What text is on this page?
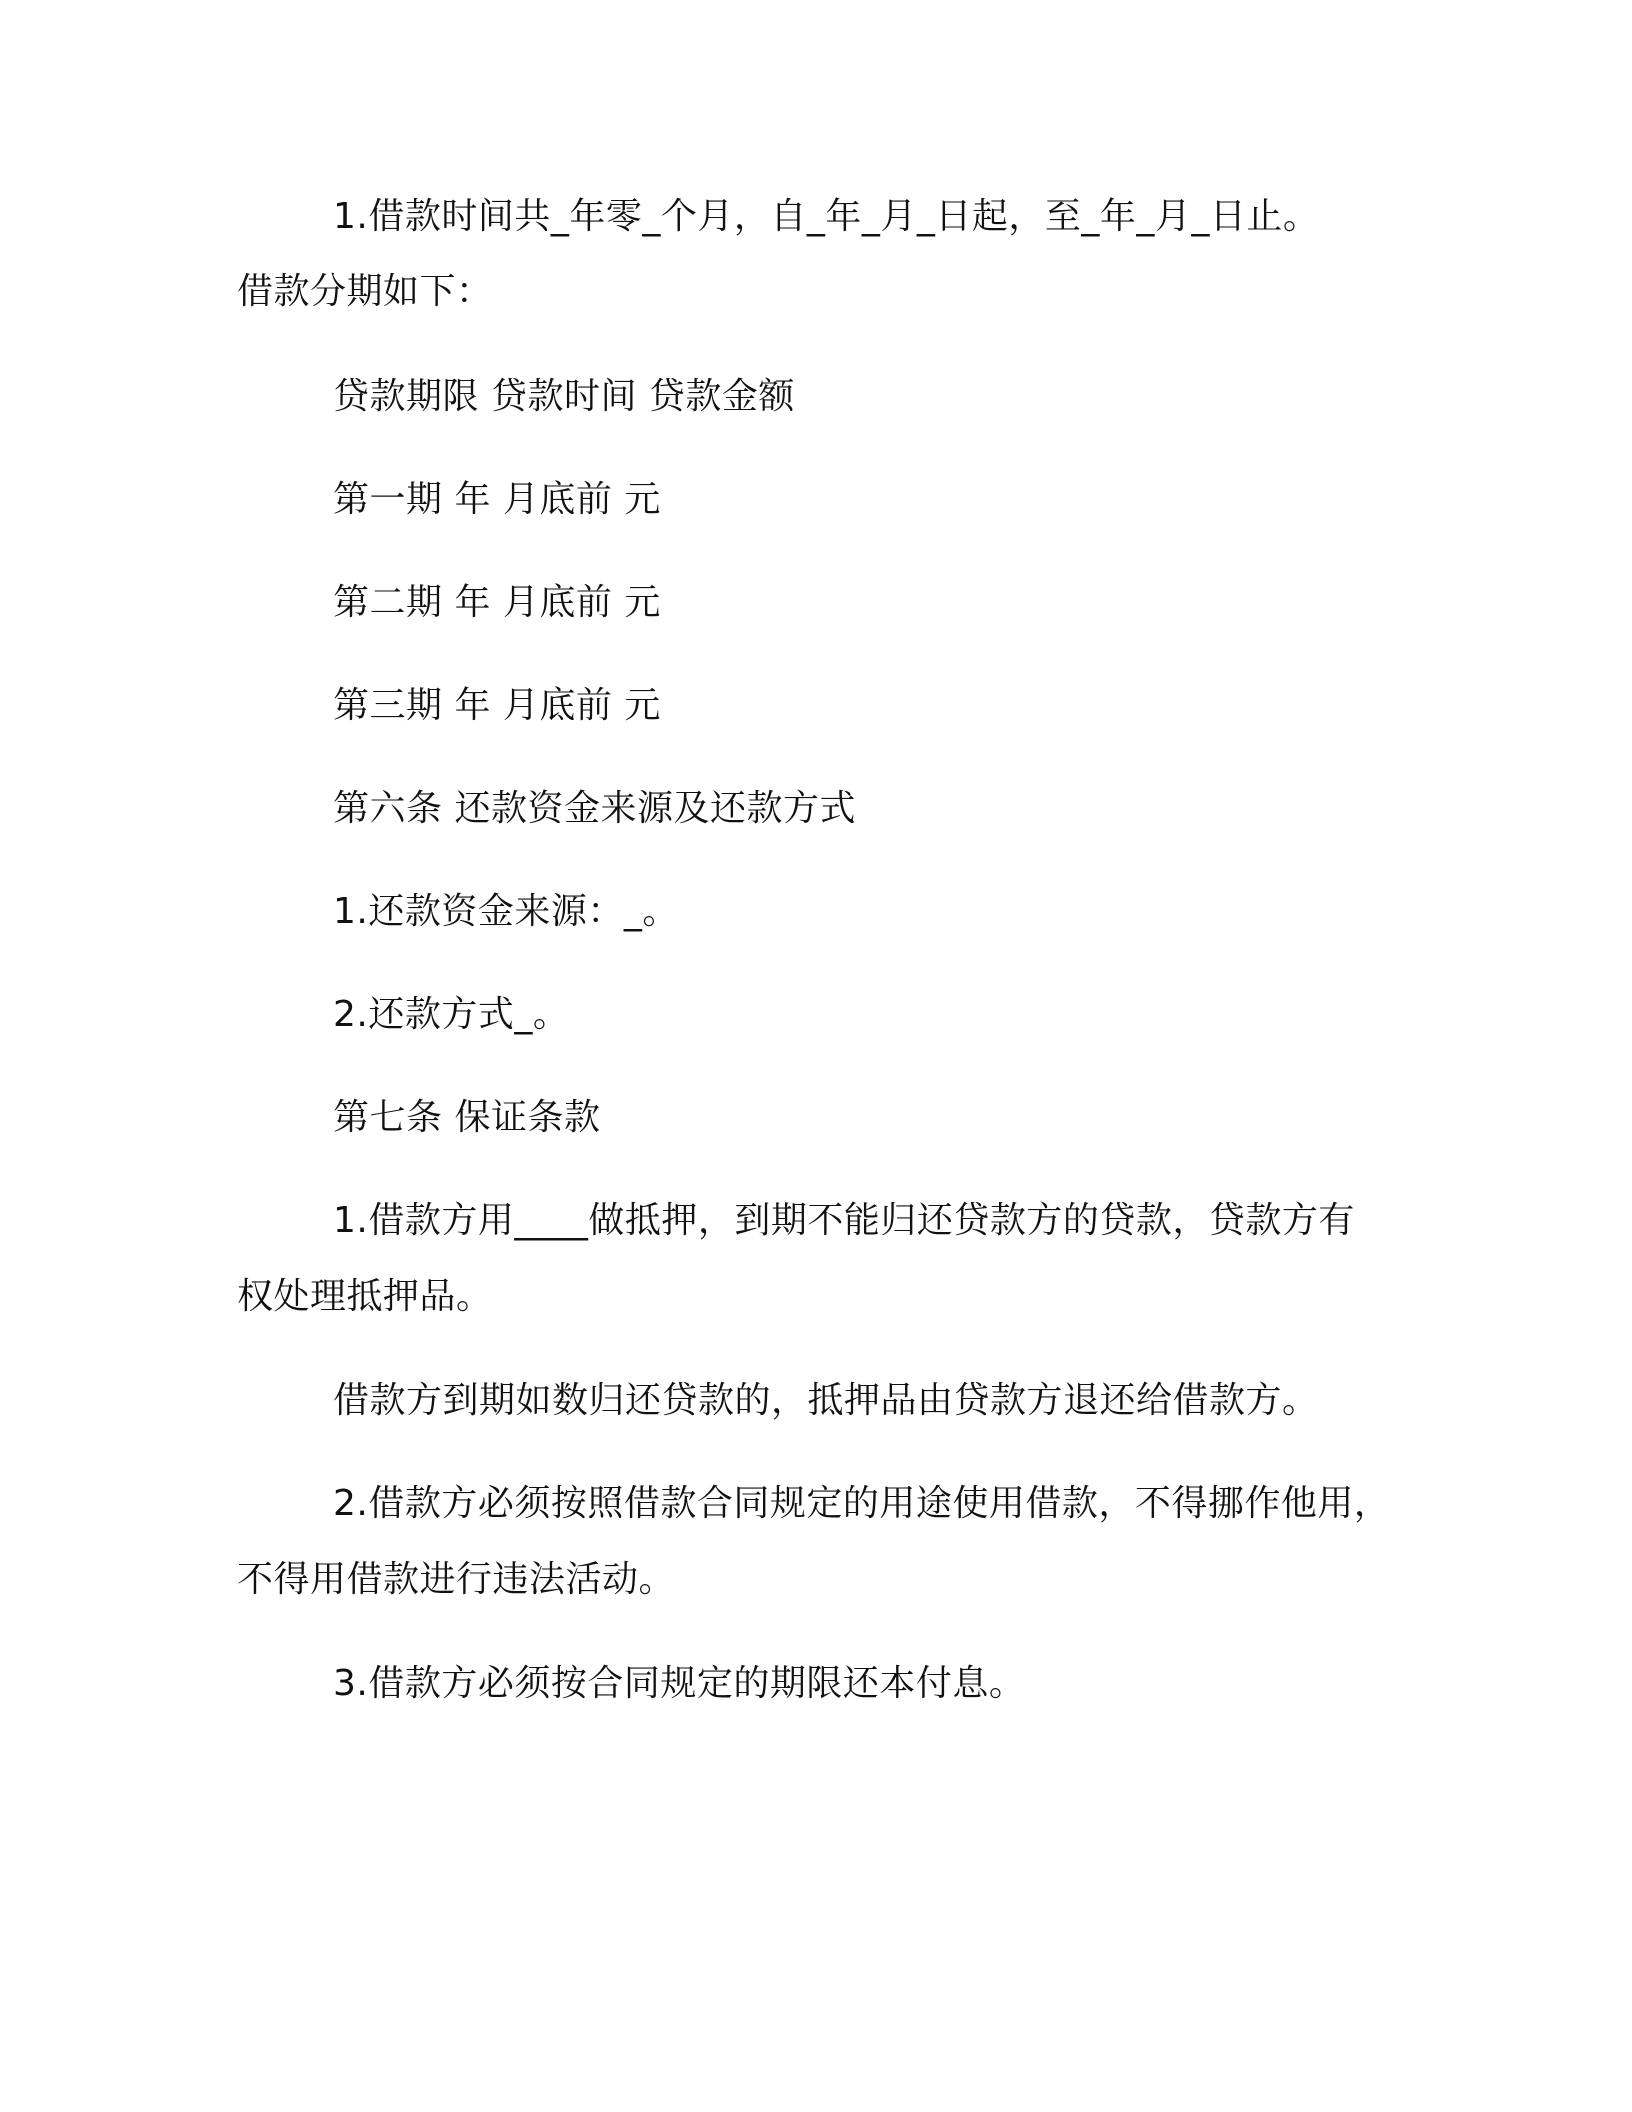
1.借款时间共_年零_个月，自_年_月_日起，至_年_月_日止。

借款分期如下：

贷款期限 贷款时间 贷款金额

第一期 年 月底前 元

第二期 年 月底前 元

第三期 年 月底前 元

第六条 还款资金来源及还款方式

1.还款资金来源：_。

2.还款方式_。

第七条 保证条款

1.借款方用____做抵押，到期不能归还贷款方的贷款，贷款方有

权处理抵押品。

借款方到期如数归还贷款的，抵押品由贷款方退还给借款方。

2.借款方必须按照借款合同规定的用途使用借款，不得挪作他用，

不得用借款进行违法活动。

3.借款方必须按合同规定的期限还本付息。
